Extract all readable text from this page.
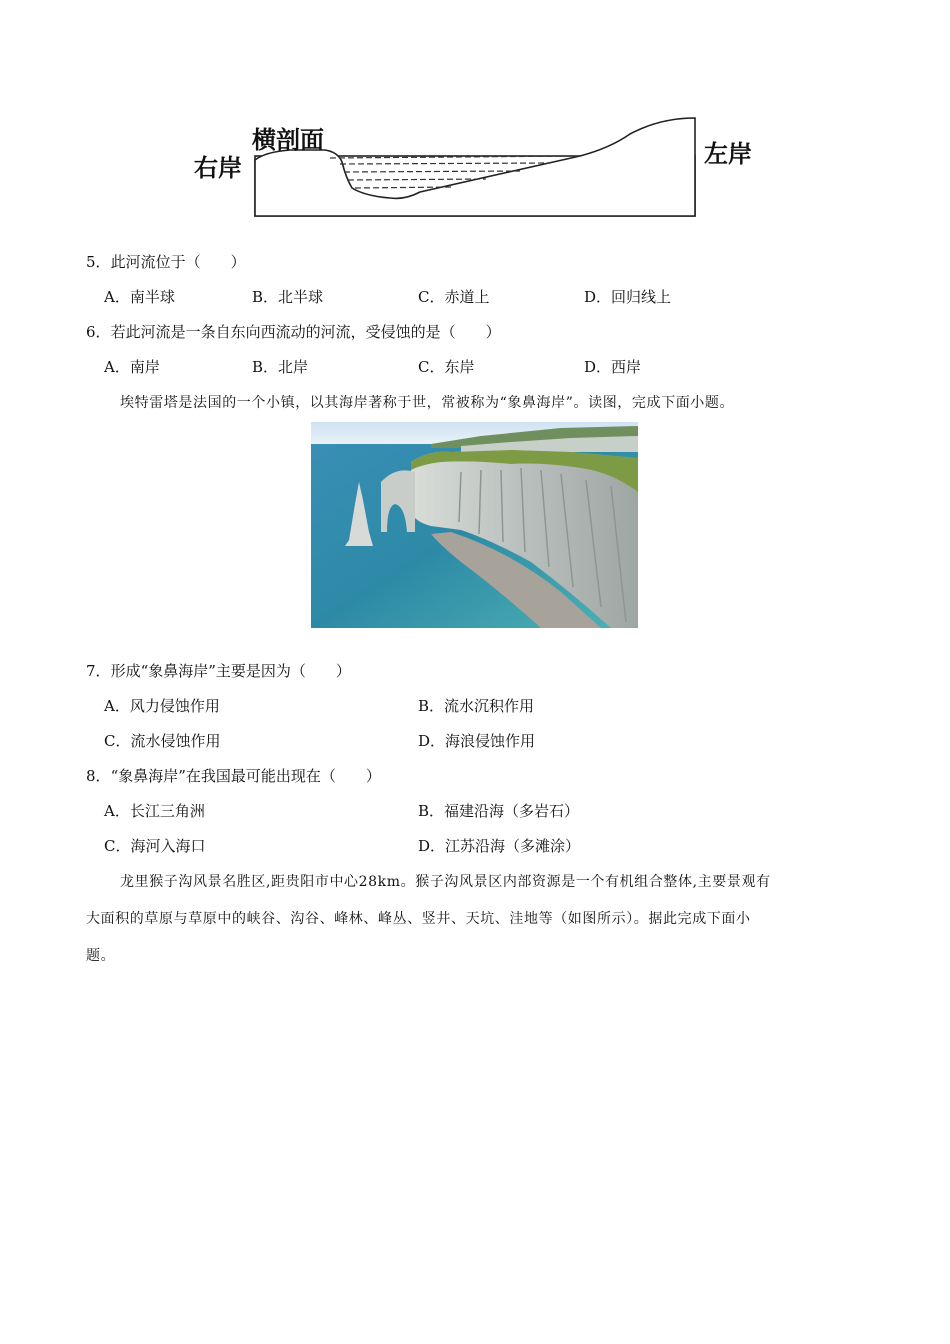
横剖面
右岸	左岸
5．此河流位于（　　）
A．南半球	B．北半球	C．赤道上	D．回归线上
6．若此河流是一条自东向西流动的河流，受侵蚀的是（　　）
A．南岸	B．北岸	C．东岸	D．西岸
埃特雷塔是法国的一个小镇，以其海岸著称于世，常被称为“象鼻海岸”。读图，完成下面小题。
7．形成“象鼻海岸”主要是因为（　　）
A．风力侵蚀作用	B．流水沉积作用
C．流水侵蚀作用	D．海浪侵蚀作用
8．“象鼻海岸”在我国最可能出现在（　　）
A．长江三角洲	B．福建沿海（多岩石）
C．海河入海口	D．江苏沿海（多滩涂）
龙里猴子沟风景名胜区,距贵阳市中心28km。猴子沟风景区内部资源是一个有机组合整体,主要景观有
大面积的草原与草原中的峡谷、沟谷、峰林、峰丛、竖井、天坑、洼地等（如图所示）。据此完成下面小
题。
